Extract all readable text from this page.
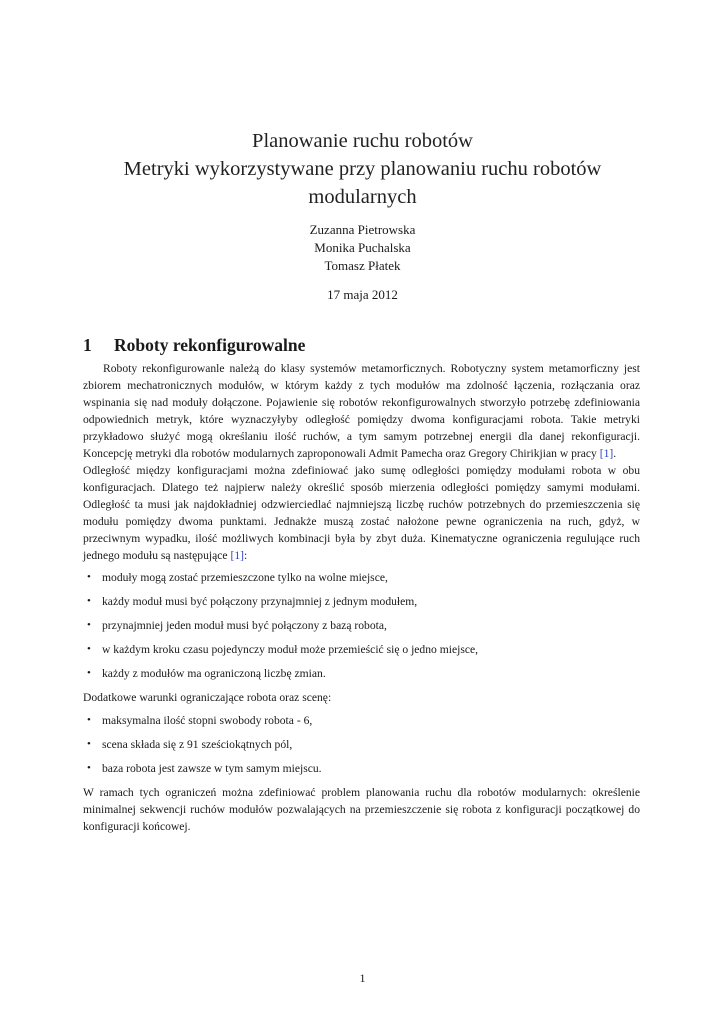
Planowanie ruchu robotów
Metryki wykorzystywane przy planowaniu ruchu robotów
modularnych
Zuzanna Pietrowska
Monika Puchalska
Tomasz Płatek
17 maja 2012
1 Roboty rekonfigurowalne

Roboty rekonfigurowanle należą do klasy systemów metamorficznych. Robotyczny system metamorficzny jest zbiorem mechatronicznych modułów, w którym każdy z tych modułów ma zdolność łączenia, rozłączania oraz wspinania się nad moduły dołączone. Pojawienie się robotów rekonfigurowalnych stworzyło potrzebę zdefiniowania odpowiednich metryk, które wyznaczyłyby odległość pomiędzy dwoma konfiguracjami robota. Takie metryki przykładowo służyć mogą określaniu ilość ruchów, a tym samym potrzebnej energii dla danej rekonfiguracji. Koncepcję metryki dla robotów modularnych zaproponowali Admit Pamecha oraz Gregory Chirikjian w pracy [1].

Odległość między konfiguracjami można zdefiniować jako sumę odległości pomiędzy modułami robota w obu konfiguracjach. Dlatego też najpierw należy określić sposób mierzenia odległości pomiędzy samymi modułami. Odległość ta musi jak najdokładniej odzwierciedlać najmniejszą liczbę ruchów potrzebnych do przemieszczenia się modułu pomiędzy dwoma punktami. Jednakże muszą zostać nałożone pewne ograniczenia na ruch, gdyż, w przeciwnym wypadku, ilość możliwych kombinacji była by zbyt duża. Kinematyczne ograniczenia regulujące ruch jednego modułu są następujące [1]:

• moduły mogą zostać przemieszczone tylko na wolne miejsce,
• każdy moduł musi być połączony przynajmniej z jednym modułem,
• przynajmniej jeden moduł musi być połączony z bazą robota,
• w każdym kroku czasu pojedynczy moduł może przemieścić się o jedno miejsce,
• każdy z modułów ma ograniczoną liczbę zmian.

Dodatkowe warunki ograniczające robota oraz scenę:

• maksymalna ilość stopni swobody robota - 6,
• scena składa się z 91 sześciokątnych pól,
• baza robota jest zawsze w tym samym miejscu.

W ramach tych ograniczeń można zdefiniować problem planowania ruchu dla robotów modularnych: określenie minimalnej sekwencji ruchów modułów pozwalających na przemieszczenie się robota z konfiguracji początkowej do konfiguracji końcowej.

1
